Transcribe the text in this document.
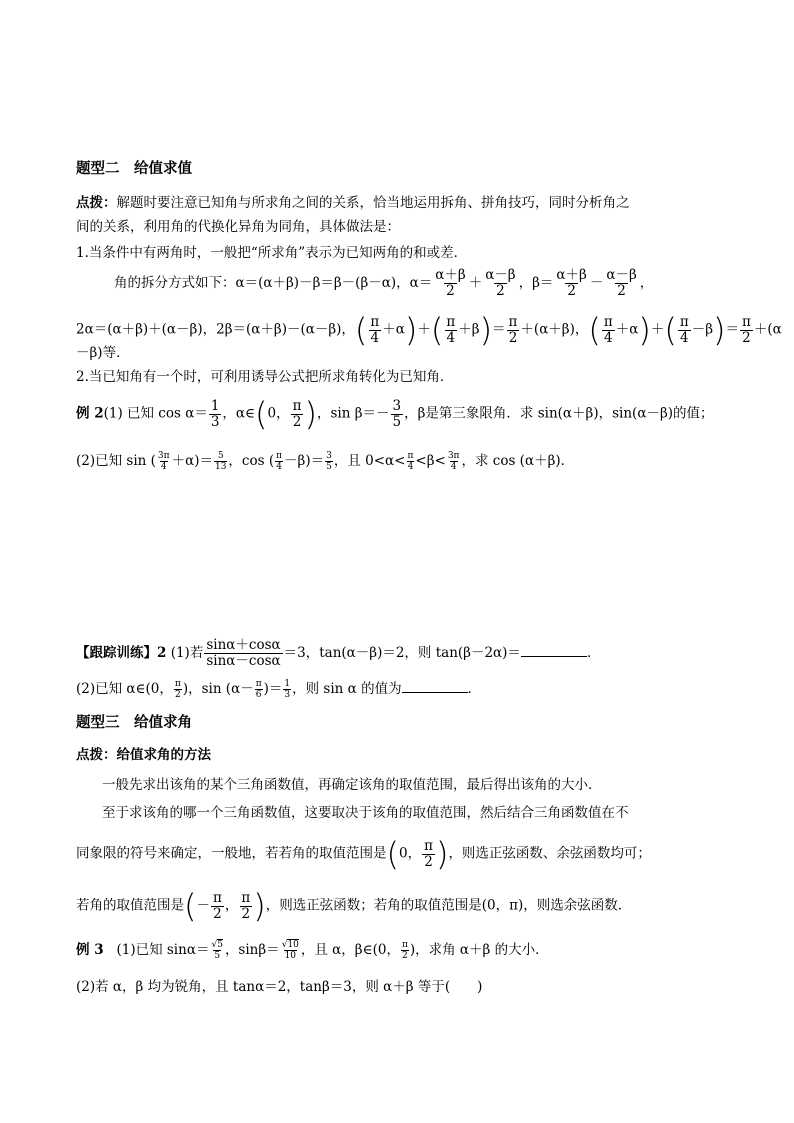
题型二　给值求值
点拨：解题时要注意已知角与所求角之间的关系，恰当地运用拆角、拼角技巧，同时分析角之
间的关系，利用角的代换化异角为同角，具体做法是：
1.当条件中有两角时，一般把“所求角”表示为已知两角的和或差．
角的拆分方式如下：α＝(α＋β)－β＝β－(β－α)，$\alpha= \frac{\alpha+\beta}{2} + \frac{\alpha-\beta}{2}$ ，$\beta= \frac{\alpha+\beta}{2} - \frac{\alpha-\beta}{2}$ ，
2α＝(α＋β)＋(α－β)，2β＝(α＋β)－(α－β)，( $\frac{\pi}{4} +\alpha)+( \frac{\pi}{4} +\beta)= \frac{\pi}{2} +(\alpha+\beta)$，( $\frac{\pi}{4} +\alpha)+( \frac{\pi}{4} -\beta)= \frac{\pi}{2} +(\alpha$
－β)等．
2.当已知角有一个时，可利用诱导公式把所求角转化为已知角．
例 2(1) 已知 $\cos \alpha= \frac{1}{3}$ ，α∈(0， $\frac{\pi}{2}$ )，$\sin \beta=- \frac{3}{5}$ ，β是第三象限角．求 sin(α＋β)，sin(α－β)的值；
(2)已知 sin ( $\frac{3\pi}{4} +\alpha)= \frac{5}{13}$ ，cos ( $\frac{\pi}{4} -\beta)= \frac{3}{5}$ ，且 $0<\alpha< \frac{\pi}{4} <\beta< \frac{3\pi}{4}$ ，求 cos (α＋β)．
【跟踪训练】2 (1)若 $\frac{\sin\alpha+\cos\alpha}{\sin\alpha-\cos\alpha} =3$，tan(α－β)＝2，则 tan(β－2α)＝	．
(2)已知 α∈(0， $\frac{\pi}{2}$ )，$\sin (\alpha- \frac{\pi}{6}$ )＝ $\frac{1}{3}$ ，则 sin α 的值为	．
题型三　给值求角
点拨：给值求角的方法
一般先求出该角的某个三角函数值，再确定该角的取值范围，最后得出该角的大小．
至于求该角的哪一个三角函数值，这要取决于该角的取值范围，然后结合三角函数值在不
同象限的符号来确定，一般地，若若角的取值范围是(0， $\frac{\pi}{2}$ )，则选正弦函数、余弦函数均可；
若角的取值范围是(－ $\frac{\pi}{2}$ ， $\frac{\pi}{2}$ )，则选正弦函数；若角的取值范围是(0，π)，则选余弦函数．
例 3 (1)已知 $\sin\alpha= \frac{√5}{5}$ ，$\sin\beta= \frac{√10}{10}$ ，且 α，β∈(0， $\frac{\pi}{2}$ )，求角 α＋β 的大小．
(2)若 α，β 均为锐角，且 tanα＝2，tanβ＝3，则 α＋β 等于(　　)
